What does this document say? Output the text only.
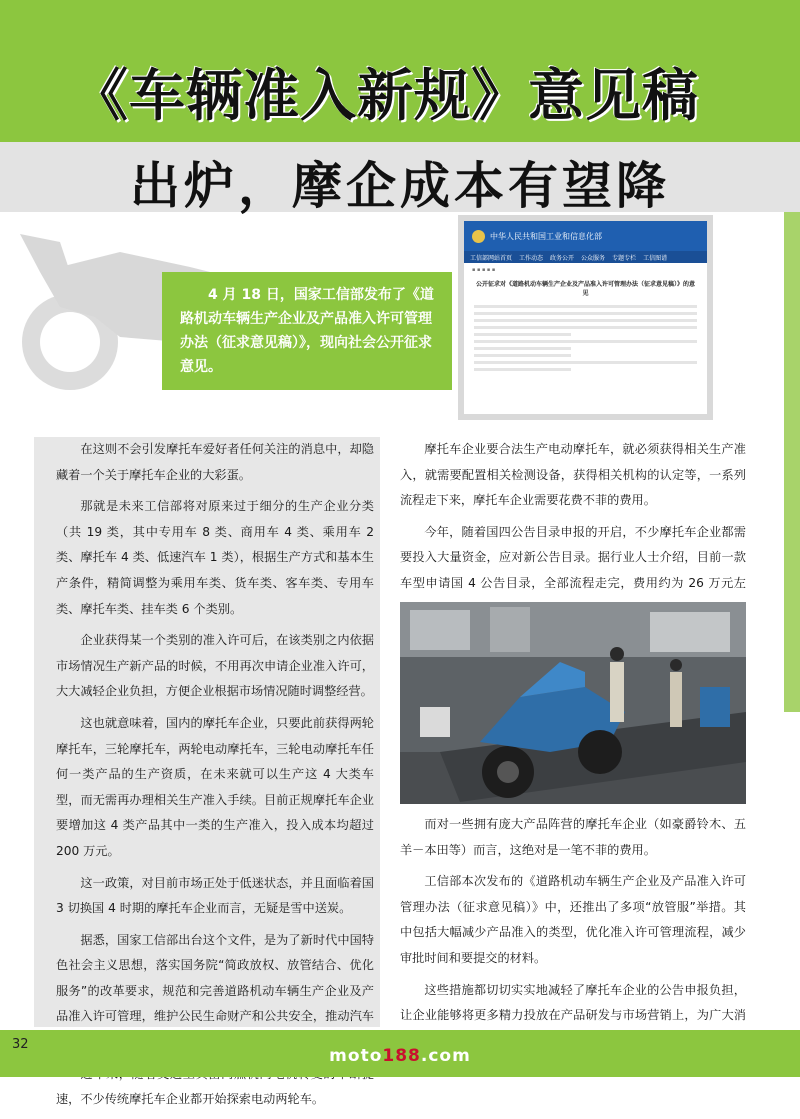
《车辆准入新规》意见稿
出炉，摩企成本有望降
4 月 18 日，国家工信部发布了《道路机动车辆生产企业及产品准入许可管理办法（征求意见稿）》，现向社会公开征求意见。
中华人民共和国工业和信息化部
工信部网站首页 工作动态 政务公开 公众服务 专题专栏 工信图谱
▪ ▪ ▪ ▪ ▪
公开征求对《道路机动车辆生产企业及产品准入许可管理办法（征求意见稿）》的意见

在这则不会引发摩托车爱好者任何关注的消息中，却隐藏着一个关于摩托车企业的大彩蛋。

那就是未来工信部将对原来过于细分的生产企业分类（共 19 类，其中专用车 8 类、商用车 4 类、乘用车 2 类、摩托车 4 类、低速汽车 1 类），根据生产方式和基本生产条件，精简调整为乘用车类、货车类、客车类、专用车类、摩托车类、挂车类 6 个类别。

企业获得某一个类别的准入许可后，在该类别之内依据市场情况生产新产品的时候，不用再次申请企业准入许可，大大减轻企业负担，方便企业根据市场情况随时调整经营。

这也就意味着，国内的摩托车企业，只要此前获得两轮摩托车，三轮摩托车，两轮电动摩托车，三轮电动摩托车任何一类产品的生产资质，在未来就可以生产这 4 大类车型，而无需再办理相关生产准入手续。目前正规摩托车企业要增加这 4 类产品其中一类的生产准入，投入成本均超过 200 万元。

这一政策，对目前市场正处于低迷状态，并且面临着国 3 切换国 4 时期的摩托车企业而言，无疑是雪中送炭。

据悉，国家工信部出台这个文件，是为了新时代中国特色社会主义思想，落实国务院“简政放权、放管结合、优化服务”的改革要求，规范和完善道路机动车辆生产企业及产品准入许可管理，维护公民生命财产和公共安全，推动汽车

速，不少传统摩托车企业都开始探索电动两轮车。

摩托车企业要合法生产电动摩托车，就必须获得相关生产准入，就需要配置相关检测设备，获得相关机构的认定等，一系列流程走下来，摩托车企业需要花费不菲的费用。

今年，随着国四公告目录申报的开启，不少摩托车企业都需要投入大量资金，应对新公告目录。据行业人士介绍，目前一款车型申请国 4 公告目录，全部流程走完，费用约为 26 万元左

而对一些拥有庞大产品阵营的摩托车企业（如豪爵铃木、五羊－本田等）而言，这绝对是一笔不菲的费用。

工信部本次发布的《道路机动车辆生产企业及产品准入许可管理办法（征求意见稿）》中，还推出了多项“放管服”举措。其中包括大幅减少产品准入的类型，优化准入许可管理流程，减少审批时间和要提交的材料。

这些措施都切切实实地减轻了摩托车企业的公告申报负担，让企业能够将更多精力投放在产品研发与市场营销上，为广大消

32
moto188.com
